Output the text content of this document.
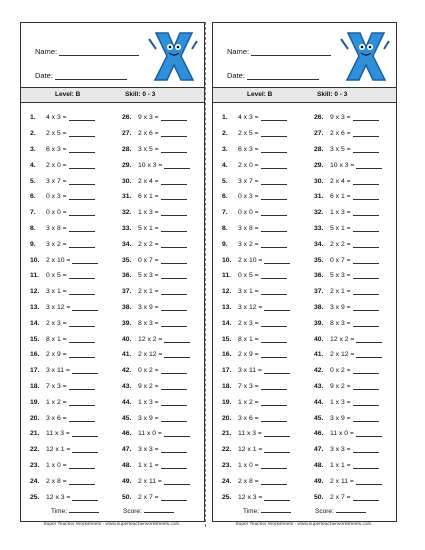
Name:
Date:
Level: B	Skill: 0 - 3
1.	4 x 3 =
2.	2 x 5 =
3.	6 x 3 =
4.	2 x 0 =
5.	3 x 7 =
6.	0 x 3 =
7.	0 x 0 =
8.	3 x 8 =
9.	3 x 2 =
10. 2 x 10 =
11.	0 x 5 =
12. 3 x 1 =
13. 3 x 12 =
14. 2 x 3 =
15. 8 x 1 =
16. 2 x 9 =
17. 3 x 11 =
18. 7 x 3 =
19. 1 x 2 =
20. 3 x 6 =
21. 11 x 3 =
22. 12 x 1 =
23. 1 x 0 =
24. 2 x 8 =
25. 12 x 3 =
26. 9 x 3 =
27. 2 x 6 =
28. 3 x 5 =
29. 10 x 3 =
30. 2 x 4 =
31. 6 x 1 =
32. 1 x 3 =
33. 5 x 1 =
34. 2 x 2 =
35. 0 x 7 =
36. 5 x 3 =
37. 2 x 1 =
38. 3 x 9 =
39. 8 x 3 =
40. 12 x 2 =
41. 2 x 12 =
42. 0 x 2 =
43. 9 x 2 =
44. 1 x 3 =
45. 3 x 9 =
46. 11 x 0 =
47. 3 x 3 =
48. 1 x 1 =
49. 2 x 11 =
50. 2 x 7 =
Time:	Score:
Name:
Date:
Level: B	Skill: 0 - 3
1.	4 x 3 =
2.	2 x 5 =
3.	6 x 3 =
4.	2 x 0 =
5.	3 x 7 =
6.	0 x 3 =
7.	0 x 0 =
8.	3 x 8 =
9.	3 x 2 =
10. 2 x 10 =
11.	0 x 5 =
12. 3 x 1 =
13. 3 x 12 =
14. 2 x 3 =
15. 8 x 1 =
16. 2 x 9 =
17. 3 x 11 =
18. 7 x 3 =
19. 1 x 2 =
20. 3 x 6 =
21. 11 x 3 =
22. 12 x 1 =
23. 1 x 0 =
24. 2 x 8 =
25. 12 x 3 =
26. 9 x 3 =
27. 2 x 6 =
28. 3 x 5 =
29. 10 x 3 =
30. 2 x 4 =
31. 6 x 1 =
32. 1 x 3 =
33. 5 x 1 =
34. 2 x 2 =
35. 0 x 7 =
36. 5 x 3 =
37. 2 x 1 =
38. 3 x 9 =
39. 8 x 3 =
40. 12 x 2 =
41. 2 x 12 =
42. 0 x 2 =
43. 9 x 2 =
44. 1 x 3 =
45. 3 x 9 =
46. 11 x 0 =
47. 3 x 3 =
48. 1 x 1 =
49. 2 x 11 =
50. 2 x 7 =
Time:	Score:
Super Teacher Worksheets - www.superteacherworksheets.com	Super Teacher Worksheets - www.superteacherworksheets.com
